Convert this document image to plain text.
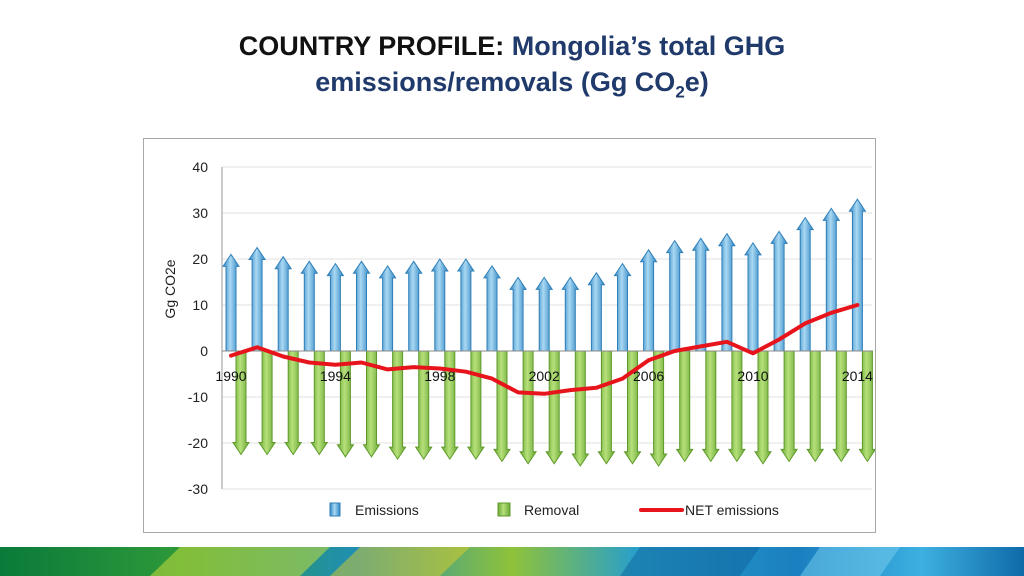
COUNTRY PROFILE: Mongolia’s total GHG
emissions/removals (Gg $CO_2e$)
40
30
20
10
0
-10
-20
-30
Gg CO2e
1990	1994	1998	2002	2006	2010	2014
Emissions	Removal	NET emissions
